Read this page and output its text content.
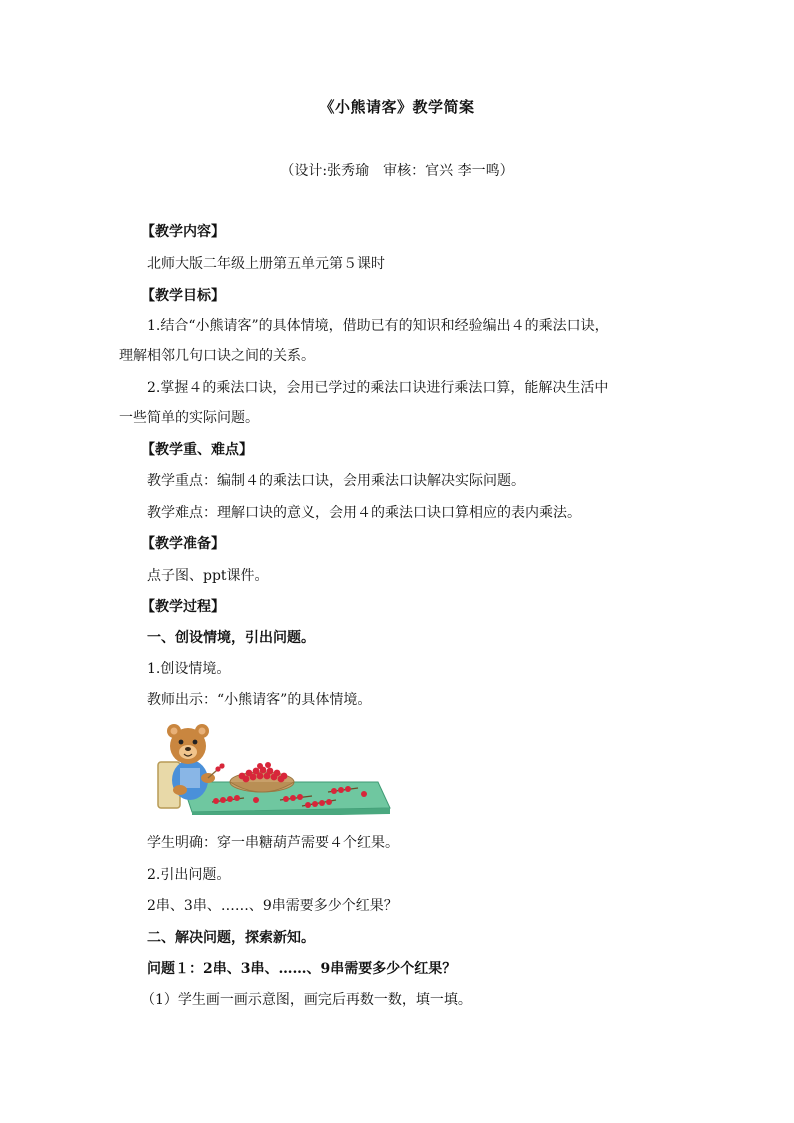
《小熊请客》教学简案
（设计:张秀瑜　审核：官兴 李一鸣）
【教学内容】
北师大版二年级上册第五单元第５课时
【教学目标】
1.结合“小熊请客”的具体情境，借助已有的知识和经验编出４的乘法口诀，
理解相邻几句口诀之间的关系。
2.掌握４的乘法口诀，会用已学过的乘法口诀进行乘法口算，能解决生活中
一些简单的实际问题。
【教学重、难点】
教学重点：编制４的乘法口诀，会用乘法口诀解决实际问题。
教学难点：理解口诀的意义，会用４的乘法口诀口算相应的表内乘法。
【教学准备】
点子图、ppt课件。
【教学过程】
一、创设情境，引出问题。
1.创设情境。
教师出示：“小熊请客”的具体情境。
学生明确：穿一串糖葫芦需要４个红果。
2.引出问题。
2串、3串、……、9串需要多少个红果？
二、解决问题，探索新知。
问题１：2串、3串、……、9串需要多少个红果？
（1）学生画一画示意图，画完后再数一数，填一填。
